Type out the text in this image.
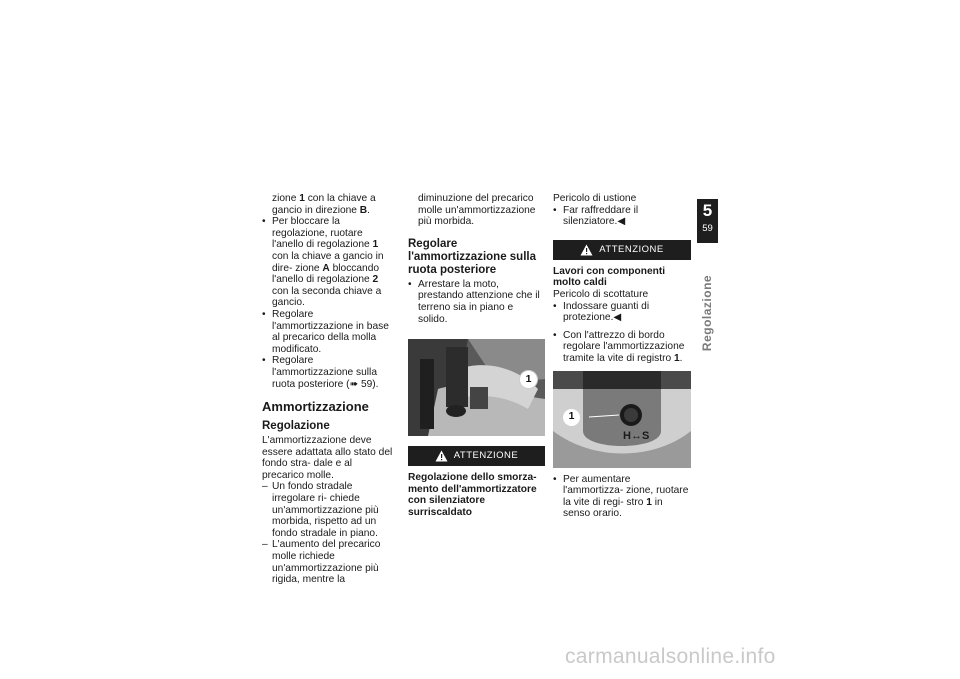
zione 1 con la chiave a gancio in direzione B.

• Per bloccare la regolazione, ruotare l'anello di regolazione 1 con la chiave a gancio in dire- zione A bloccando l'anello di regolazione 2 con la seconda chiave a gancio.

• Regolare l'ammortizzazione in base al precarico della molla modificato.

• Regolare l'ammortizzazione sulla ruota posteriore (➠ 59).

Ammortizzazione
Regolazione

L'ammortizzazione deve essere adattata allo stato del fondo stra- dale e al precarico molle.

– Un fondo stradale irregolare ri- chiede un'ammortizzazione più morbida, rispetto ad un fondo stradale in piano.

– L'aumento del precarico molle richiede un'ammortizzazione più rigida, mentre la

diminuzione del precarico molle un'ammortizzazione più morbida.

Regolare l'ammortizzazione sulla ruota posteriore

• Arrestare la moto, prestando attenzione che il terreno sia in piano e solido.

1
ATTENZIONE
Regolazione dello smorza- mento dell'ammortizzatore con silenziatore surriscaldato

Pericolo di ustione

• Far raffreddare il silenziatore.◀

ATTENZIONE
Lavori con componenti molto caldi

Pericolo di scottature

• Indossare guanti di protezione.◀

• Con l'attrezzo di bordo regolare l'ammortizzazione tramite la vite di registro 1.

H↔S
1

• Per aumentare l'ammortizza- zione, ruotare la vite di regi- stro 1 in senso orario.

5
59
Regolazione
carmanualsonline.info
